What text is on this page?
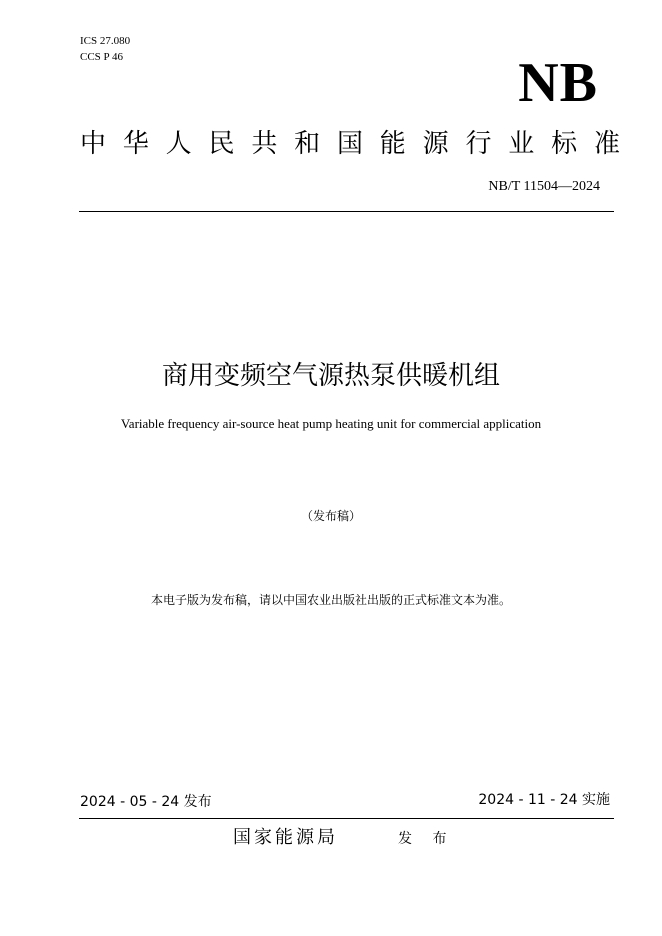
ICS 27.080

CCS P 46	NB
中 华 人 民 共 和 国 能 源 行 业 标 准

NB/T 11504—2024

商用变频空气源热泵供暖机组

Variable frequency air-source heat pump heating unit for commercial application

（发布稿）

本电子版为发布稿，请以中国农业出版社出版的正式标准文本为准。

2024 - 05 - 24 发布	2024 - 11 - 24 实施

国家能源局	发 布
